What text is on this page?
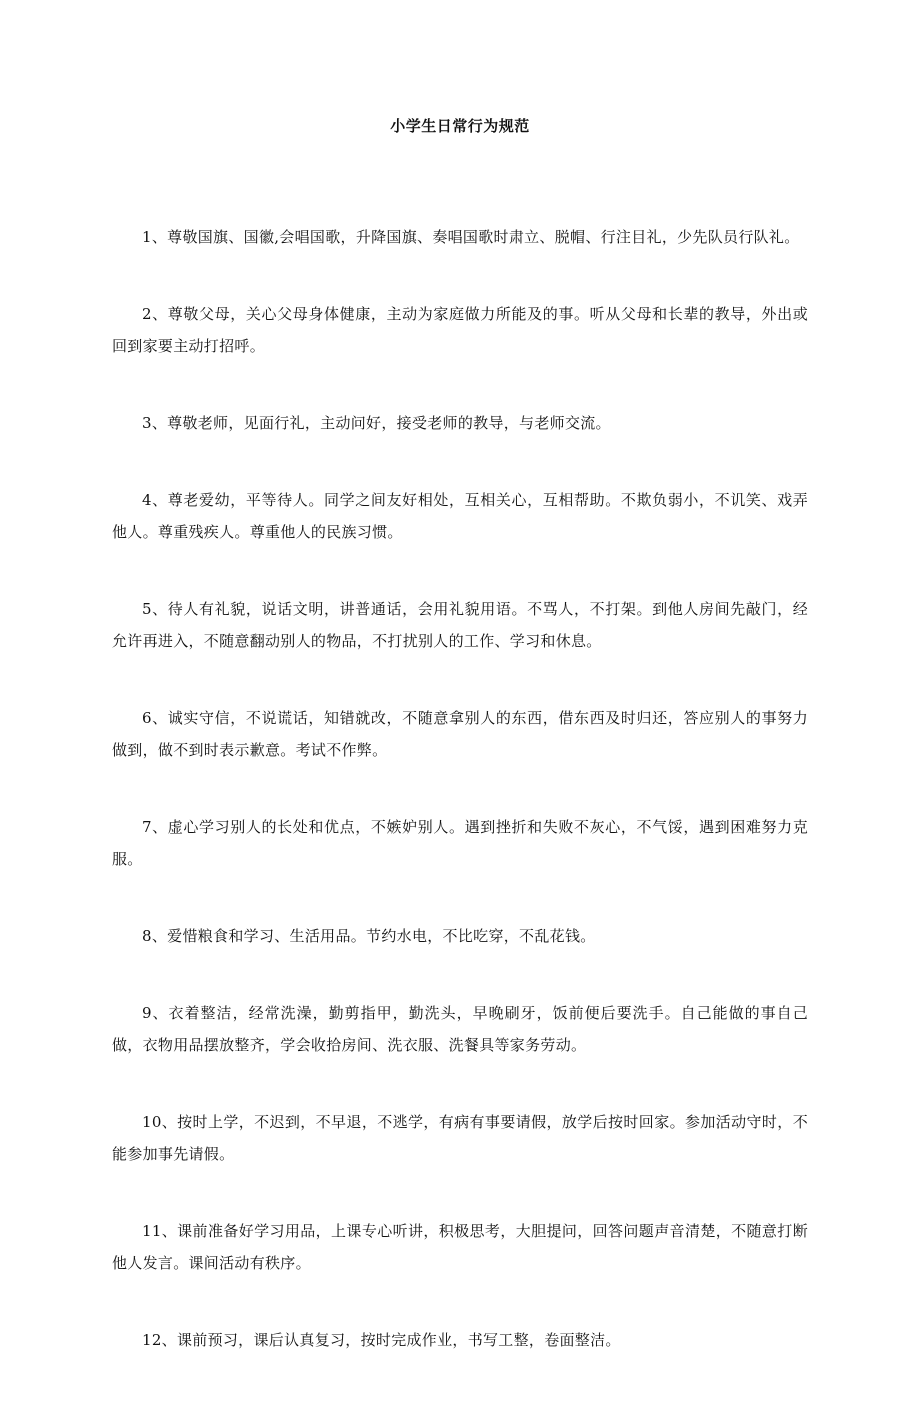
小学生日常行为规范

1、尊敬国旗、国徽,会唱国歌，升降国旗、奏唱国歌时肃立、脱帽、行注目礼，少先队员行队礼。

2、尊敬父母，关心父母身体健康，主动为家庭做力所能及的事。听从父母和长辈的教导，外出或回到家要主动打招呼。

3、尊敬老师，见面行礼，主动问好，接受老师的教导，与老师交流。

4、尊老爱幼，平等待人。同学之间友好相处，互相关心，互相帮助。不欺负弱小，不讥笑、戏弄他人。尊重残疾人。尊重他人的民族习惯。

5、待人有礼貌，说话文明，讲普通话，会用礼貌用语。不骂人，不打架。到他人房间先敲门，经允许再进入，不随意翻动别人的物品，不打扰别人的工作、学习和休息。

6、诚实守信，不说谎话，知错就改，不随意拿别人的东西，借东西及时归还，答应别人的事努力做到，做不到时表示歉意。考试不作弊。

7、虚心学习别人的长处和优点，不嫉妒别人。遇到挫折和失败不灰心，不气馁，遇到困难努力克服。

8、爱惜粮食和学习、生活用品。节约水电，不比吃穿，不乱花钱。

9、衣着整洁，经常洗澡，勤剪指甲，勤洗头，早晚刷牙，饭前便后要洗手。自己能做的事自己做，衣物用品摆放整齐，学会收拾房间、洗衣服、洗餐具等家务劳动。

10、按时上学，不迟到，不早退，不逃学，有病有事要请假，放学后按时回家。参加活动守时，不能参加事先请假。

11、课前准备好学习用品，上课专心听讲，积极思考，大胆提问，回答问题声音清楚，不随意打断他人发言。课间活动有秩序。

12、课前预习，课后认真复习，按时完成作业，书写工整，卷面整洁。
